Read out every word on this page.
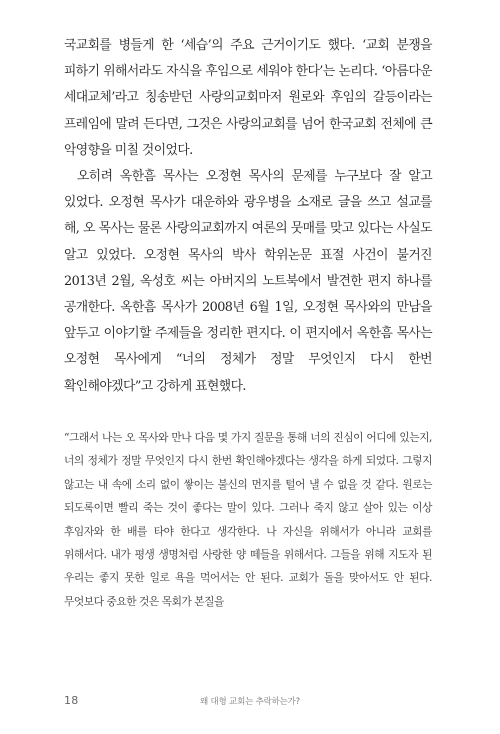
국교회를 병들게 한 ‘세습’의 주요 근거이기도 했다. ‘교회 분쟁을 피하기 위해서라도 자식을 후임으로 세워야 한다’는 논리다. ‘아름다운 세대교체’라고 칭송받던 사랑의교회마저 원로와 후임의 갈등이라는 프레임에 말려 든다면, 그것은 사랑의교회를 넘어 한국교회 전체에 큰 악영향을 미칠 것이었다.

오히려 옥한흠 목사는 오정현 목사의 문제를 누구보다 잘 알고 있었다. 오정현 목사가 대운하와 광우병을 소재로 글을 쓰고 설교를 해, 오 목사는 물론 사랑의교회까지 여론의 뭇매를 맞고 있다는 사실도 알고 있었다. 오정현 목사의 박사 학위논문 표절 사건이 불거진 2013년 2월, 옥성호 씨는 아버지의 노트북에서 발견한 편지 하나를 공개한다. 옥한흠 목사가 2008년 6월 1일, 오정현 목사와의 만남을 앞두고 이야기할 주제들을 정리한 편지다. 이 편지에서 옥한흠 목사는 오정현 목사에게 “너의 정체가 정말 무엇인지 다시 한번 확인해야겠다”고 강하게 표현했다.

“그래서 나는 오 목사와 만나 다음 몇 가지 질문을 통해 너의 진심이 어디에 있는지, 너의 정체가 정말 무엇인지 다시 한번 확인해야겠다는 생각을 하게 되었다. 그렇지 않고는 내 속에 소리 없이 쌓이는 불신의 먼지를 털어 낼 수 없을 것 같다. 원로는 되도록이면 빨리 죽는 것이 좋다는 말이 있다. 그러나 죽지 않고 살아 있는 이상 후임자와 한 배를 타야 한다고 생각한다. 나 자신을 위해서가 아니라 교회를 위해서다. 내가 평생 생명처럼 사랑한 양 떼들을 위해서다. 그들을 위해 지도자 된 우리는 좋지 못한 일로 욕을 먹어서는 안 된다. 교회가 돌을 맞아서도 안 된다. 무엇보다 중요한 것은 목회가 본질을

18	왜 대형 교회는 추락하는가?
